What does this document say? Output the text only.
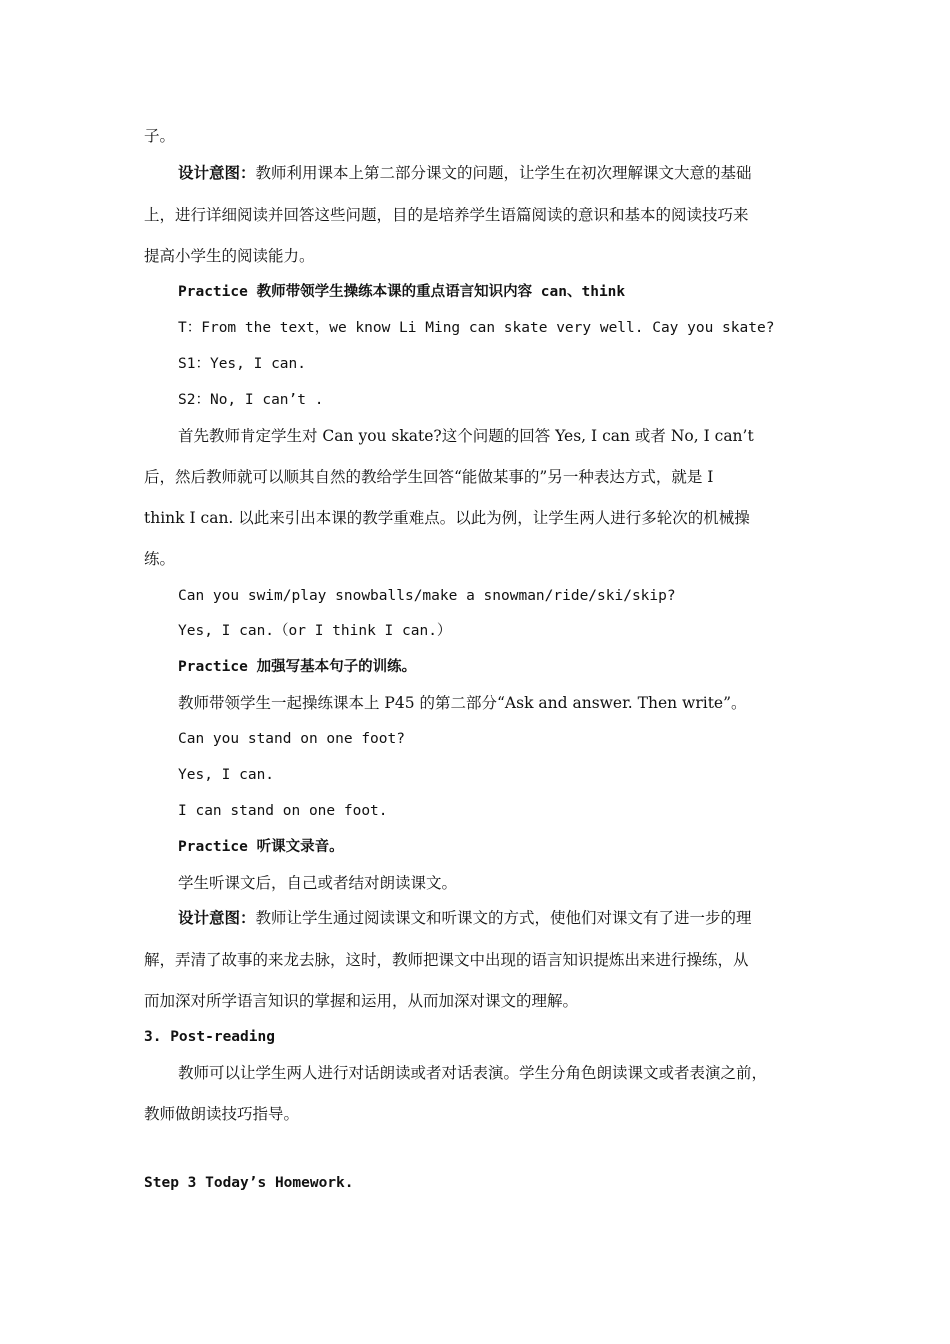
子。
设计意图：教师利用课本上第二部分课文的问题，让学生在初次理解课文大意的基础
上，进行详细阅读并回答这些问题，目的是培养学生语篇阅读的意识和基本的阅读技巧来
提高小学生的阅读能力。
Practice 教师带领学生操练本课的重点语言知识内容 can、think
T：From the text，we know Li Ming can skate very well. Cay you skate?
S1：Yes, I can.
S2：No, I can’t .
首先教师肯定学生对 Can you skate?这个问题的回答 Yes, I can 或者 No, I can’t
后，然后教师就可以顺其自然的教给学生回答“能做某事的”另一种表达方式，就是 I
think I can. 以此来引出本课的教学重难点。以此为例，让学生两人进行多轮次的机械操
练。
Can you swim/play snowballs/make a snowman/ride/ski/skip?
Yes, I can.（or I think I can.）
Practice 加强写基本句子的训练。
教师带领学生一起操练课本上 P45 的第二部分“Ask and answer. Then write”。
Can you stand on one foot?
Yes, I can.
I can stand on one foot.
Practice 听课文录音。
学生听课文后，自己或者结对朗读课文。
设计意图：教师让学生通过阅读课文和听课文的方式，使他们对课文有了进一步的理
解，弄清了故事的来龙去脉，这时，教师把课文中出现的语言知识提炼出来进行操练，从
而加深对所学语言知识的掌握和运用，从而加深对课文的理解。
3. Post-reading
教师可以让学生两人进行对话朗读或者对话表演。学生分角色朗读课文或者表演之前，
教师做朗读技巧指导。
Step 3 Today’s Homework.
